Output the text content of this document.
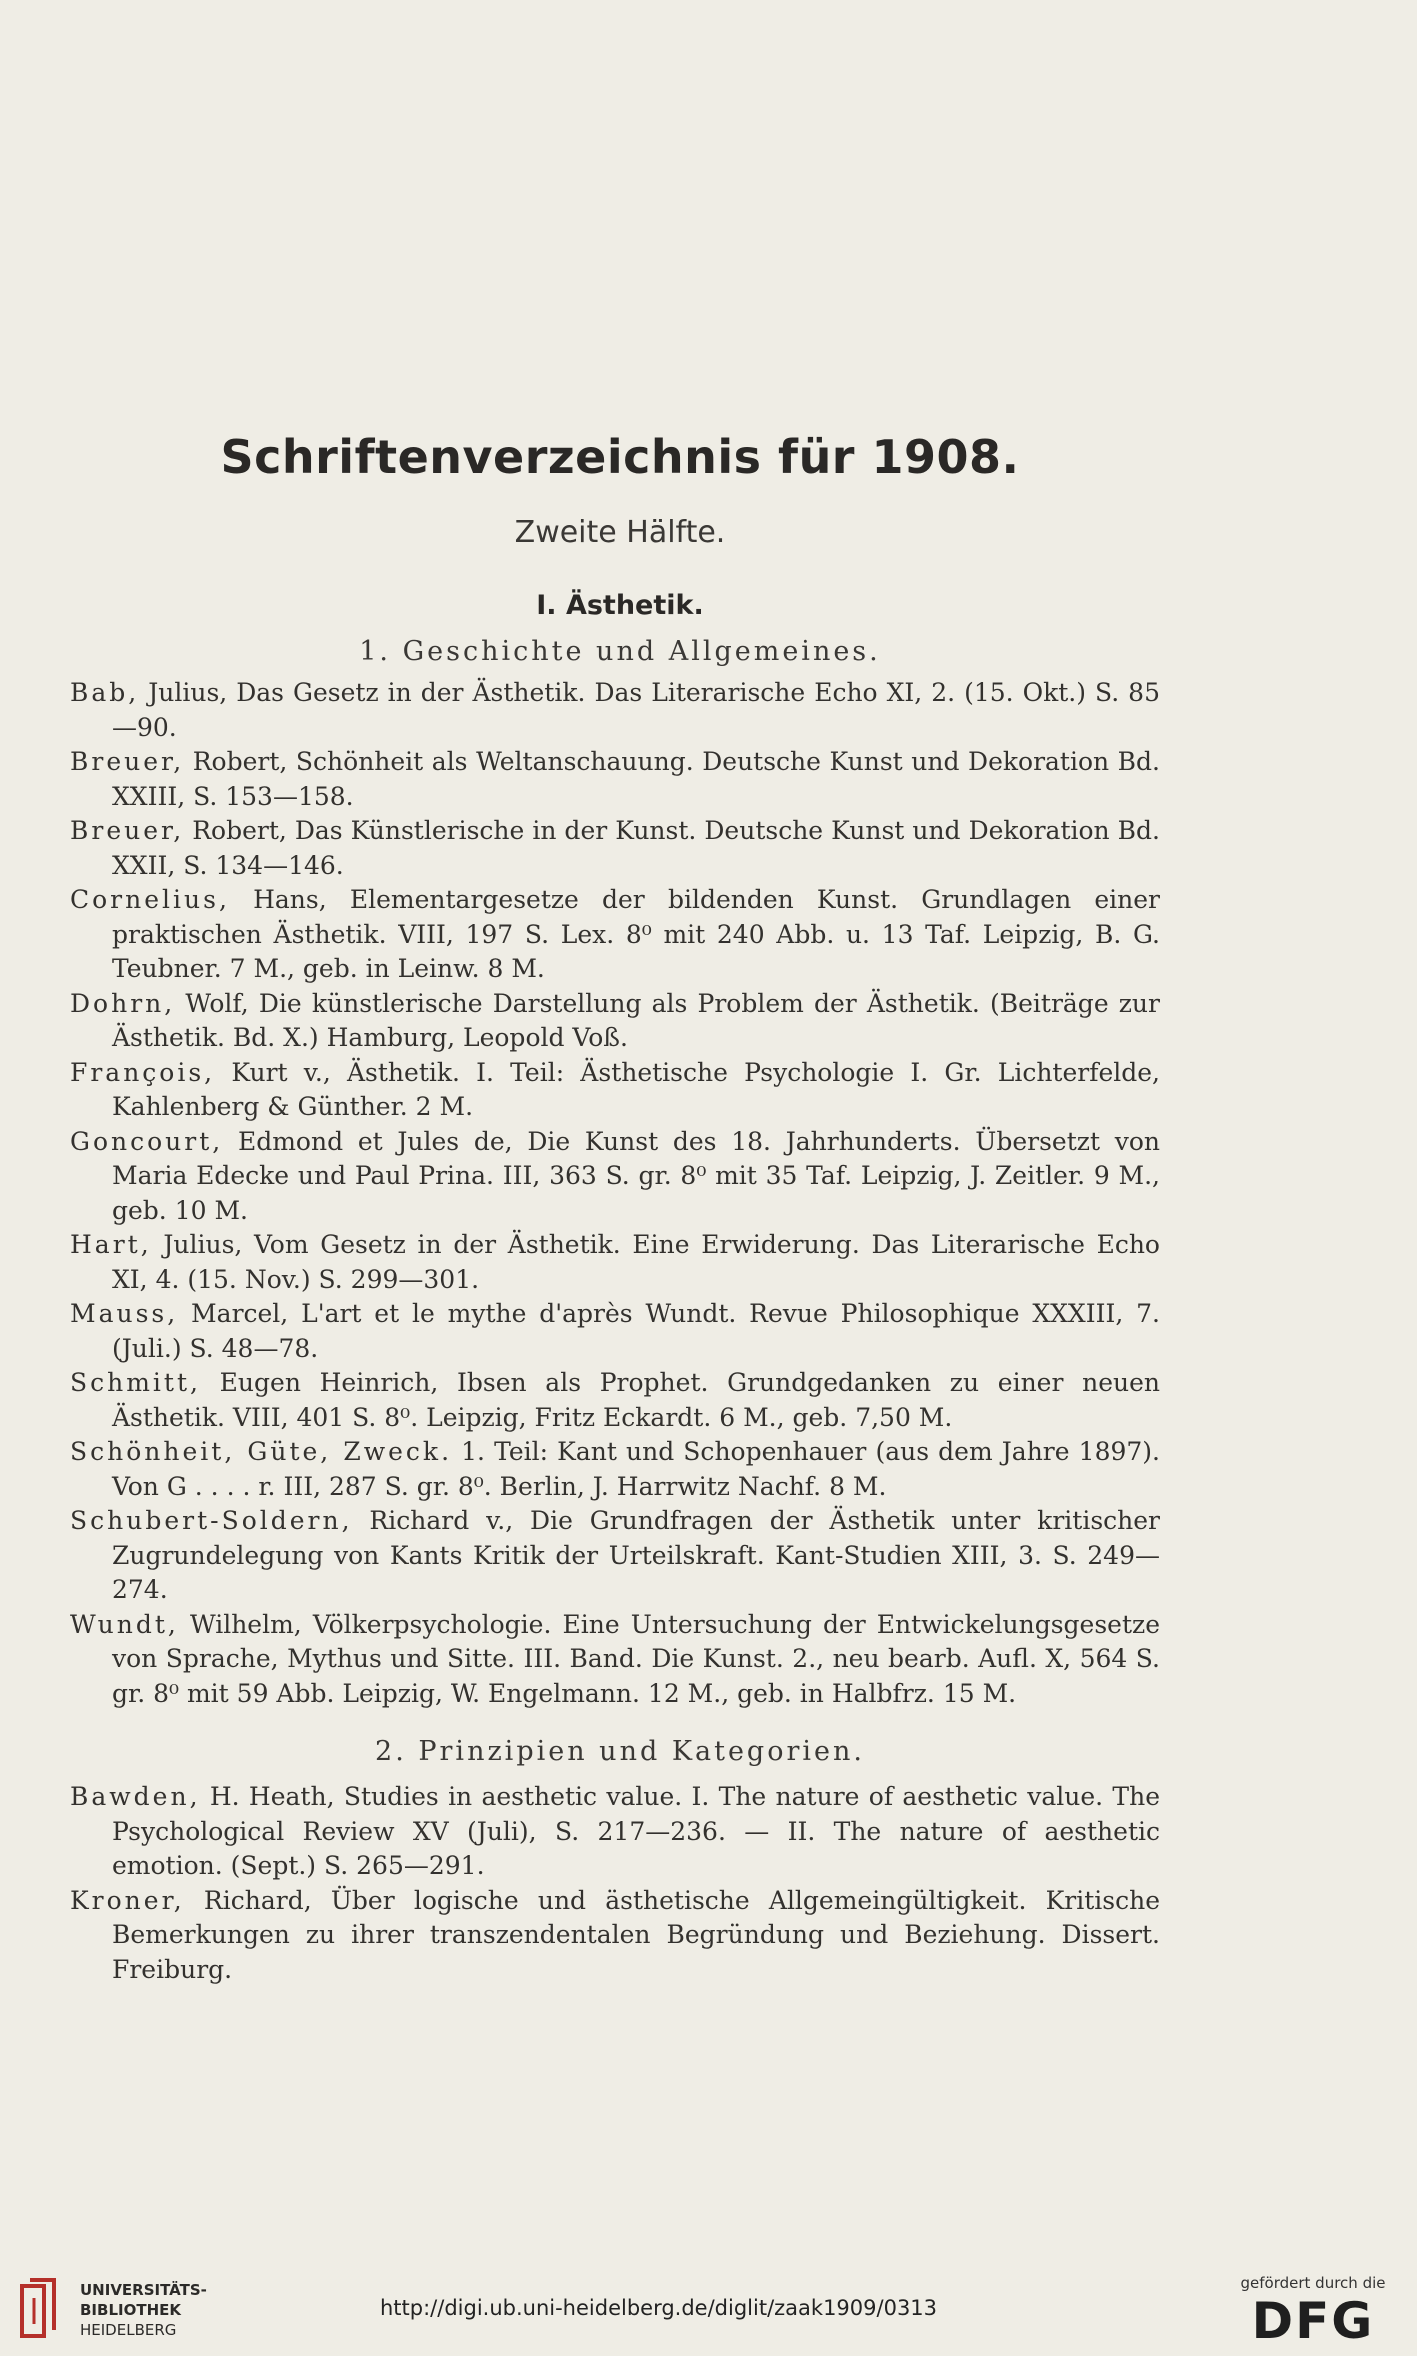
Schriftenverzeichnis für 1908.
Zweite Hälfte.
I. Ästhetik.
1. Geschichte und Allgemeines.
Bab, Julius, Das Gesetz in der Ästhetik. Das Literarische Echo XI, 2. (15. Okt.) S. 85—90.
Breuer, Robert, Schönheit als Weltanschauung. Deutsche Kunst und Dekoration Bd. XXIII, S. 153—158.
Breuer, Robert, Das Künstlerische in der Kunst. Deutsche Kunst und Dekoration Bd. XXII, S. 134—146.
Cornelius, Hans, Elementargesetze der bildenden Kunst. Grundlagen einer praktischen Ästhetik. VIII, 197 S. Lex. 8⁰ mit 240 Abb. u. 13 Taf. Leipzig, B. G. Teubner. 7 M., geb. in Leinw. 8 M.
Dohrn, Wolf, Die künstlerische Darstellung als Problem der Ästhetik. (Beiträge zur Ästhetik. Bd. X.) Hamburg, Leopold Voß.
François, Kurt v., Ästhetik. I. Teil: Ästhetische Psychologie I. Gr. Lichterfelde, Kahlenberg & Günther. 2 M.
Goncourt, Edmond et Jules de, Die Kunst des 18. Jahrhunderts. Übersetzt von Maria Edecke und Paul Prina. III, 363 S. gr. 8⁰ mit 35 Taf. Leipzig, J. Zeitler. 9 M., geb. 10 M.
Hart, Julius, Vom Gesetz in der Ästhetik. Eine Erwiderung. Das Literarische Echo XI, 4. (15. Nov.) S. 299—301.
Mauss, Marcel, L'art et le mythe d'après Wundt. Revue Philosophique XXXIII, 7. (Juli.) S. 48—78.
Schmitt, Eugen Heinrich, Ibsen als Prophet. Grundgedanken zu einer neuen Ästhetik. VIII, 401 S. 8⁰. Leipzig, Fritz Eckardt. 6 M., geb. 7,50 M.
Schönheit, Güte, Zweck. 1. Teil: Kant und Schopenhauer (aus dem Jahre 1897). Von G . . . . r. III, 287 S. gr. 8⁰. Berlin, J. Harrwitz Nachf. 8 M.
Schubert-Soldern, Richard v., Die Grundfragen der Ästhetik unter kritischer Zugrundelegung von Kants Kritik der Urteilskraft. Kant-Studien XIII, 3. S. 249—274.
Wundt, Wilhelm, Völkerpsychologie. Eine Untersuchung der Entwickelungsgesetze von Sprache, Mythus und Sitte. III. Band. Die Kunst. 2., neu bearb. Aufl. X, 564 S. gr. 8⁰ mit 59 Abb. Leipzig, W. Engelmann. 12 M., geb. in Halbfrz. 15 M.
2. Prinzipien und Kategorien.
Bawden, H. Heath, Studies in aesthetic value. I. The nature of aesthetic value. The Psychological Review XV (Juli), S. 217—236. — II. The nature of aesthetic emotion. (Sept.) S. 265—291.
Kroner, Richard, Über logische und ästhetische Allgemeingültigkeit. Kritische Bemerkungen zu ihrer transzendentalen Begründung und Beziehung. Dissert. Freiburg.
UNIVERSITÄTS-
BIBLIOTHEK
HEIDELBERG
http://digi.ub.uni-heidelberg.de/diglit/zaak1909/0313
gefördert durch die
DFG
